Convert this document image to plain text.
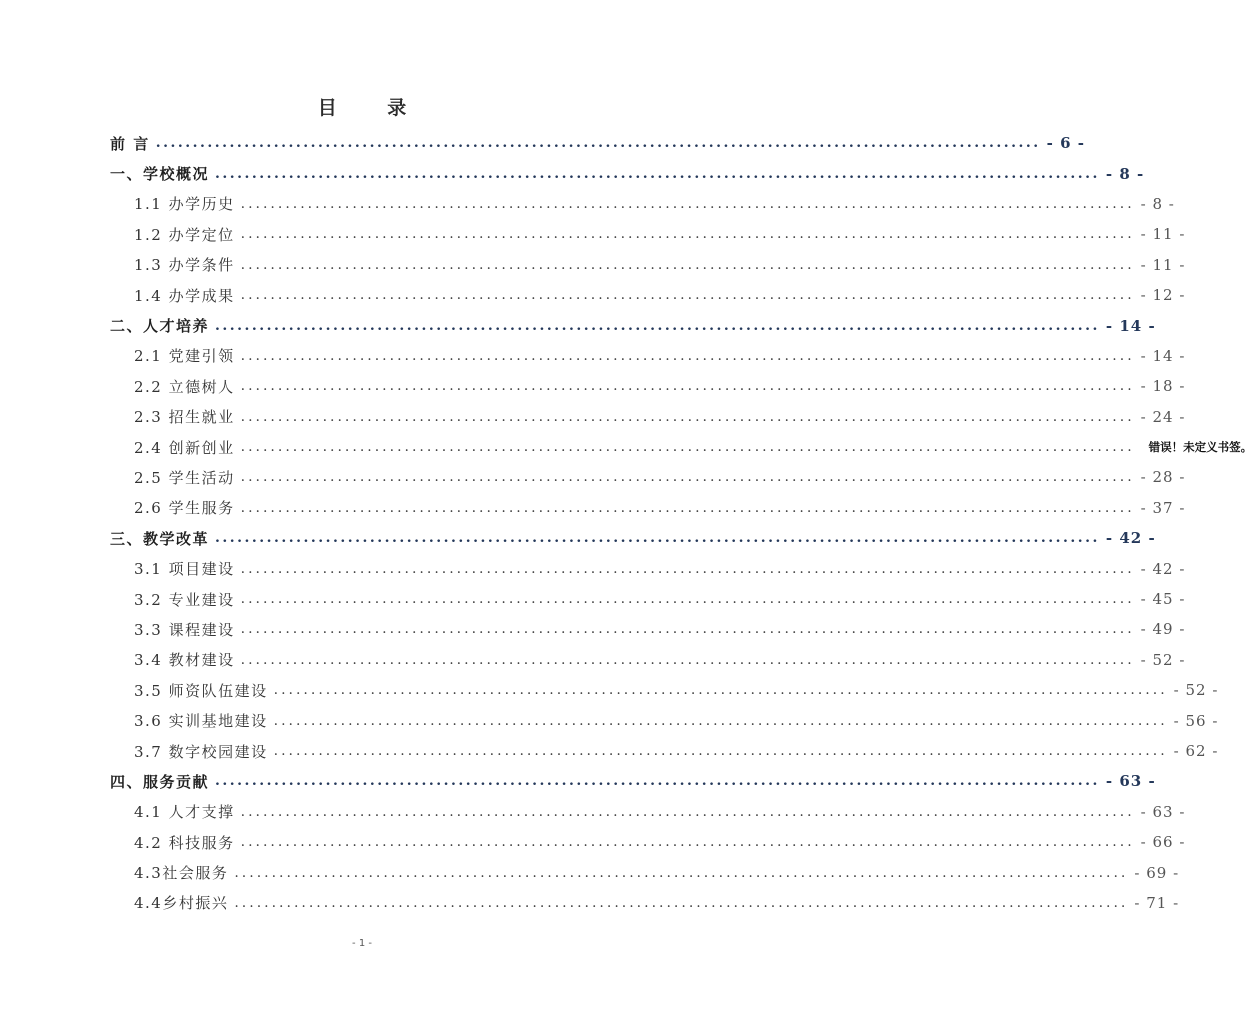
目 录
前 言 ........................................................................................................................ - 6 -
一、学校概况 ........................................................................................................................ - 8 -
1.1 办学历史 ........................................................................................................................ - 8 -
1.2 办学定位 ........................................................................................................................ - 11 -
1.3 办学条件 ........................................................................................................................ - 11 -
1.4 办学成果 ........................................................................................................................ - 12 -
二、人才培养 ........................................................................................................................ - 14 -
2.1 党建引领 ........................................................................................................................ - 14 -
2.2 立德树人 ........................................................................................................................ - 18 -
2.3 招生就业 ........................................................................................................................ - 24 -
2.4 创新创业 ........................................................................................................................ 错误！未定义书签。
2.5 学生活动 ........................................................................................................................ - 28 -
2.6 学生服务 ........................................................................................................................ - 37 -
三、教学改革 ........................................................................................................................ - 42 -
3.1 项目建设 ........................................................................................................................ - 42 -
3.2 专业建设 ........................................................................................................................ - 45 -
3.3 课程建设 ........................................................................................................................ - 49 -
3.4 教材建设 ........................................................................................................................ - 52 -
3.5 师资队伍建设 ........................................................................................................................ - 52 -
3.6 实训基地建设 ........................................................................................................................ - 56 -
3.7 数字校园建设 ........................................................................................................................ - 62 -
四、服务贡献 ........................................................................................................................ - 63 -
4.1 人才支撑 ........................................................................................................................ - 63 -
4.2 科技服务 ........................................................................................................................ - 66 -
4.3社会服务 ........................................................................................................................ - 69 -
4.4乡村振兴 ........................................................................................................................ - 71 -
- 1 -
